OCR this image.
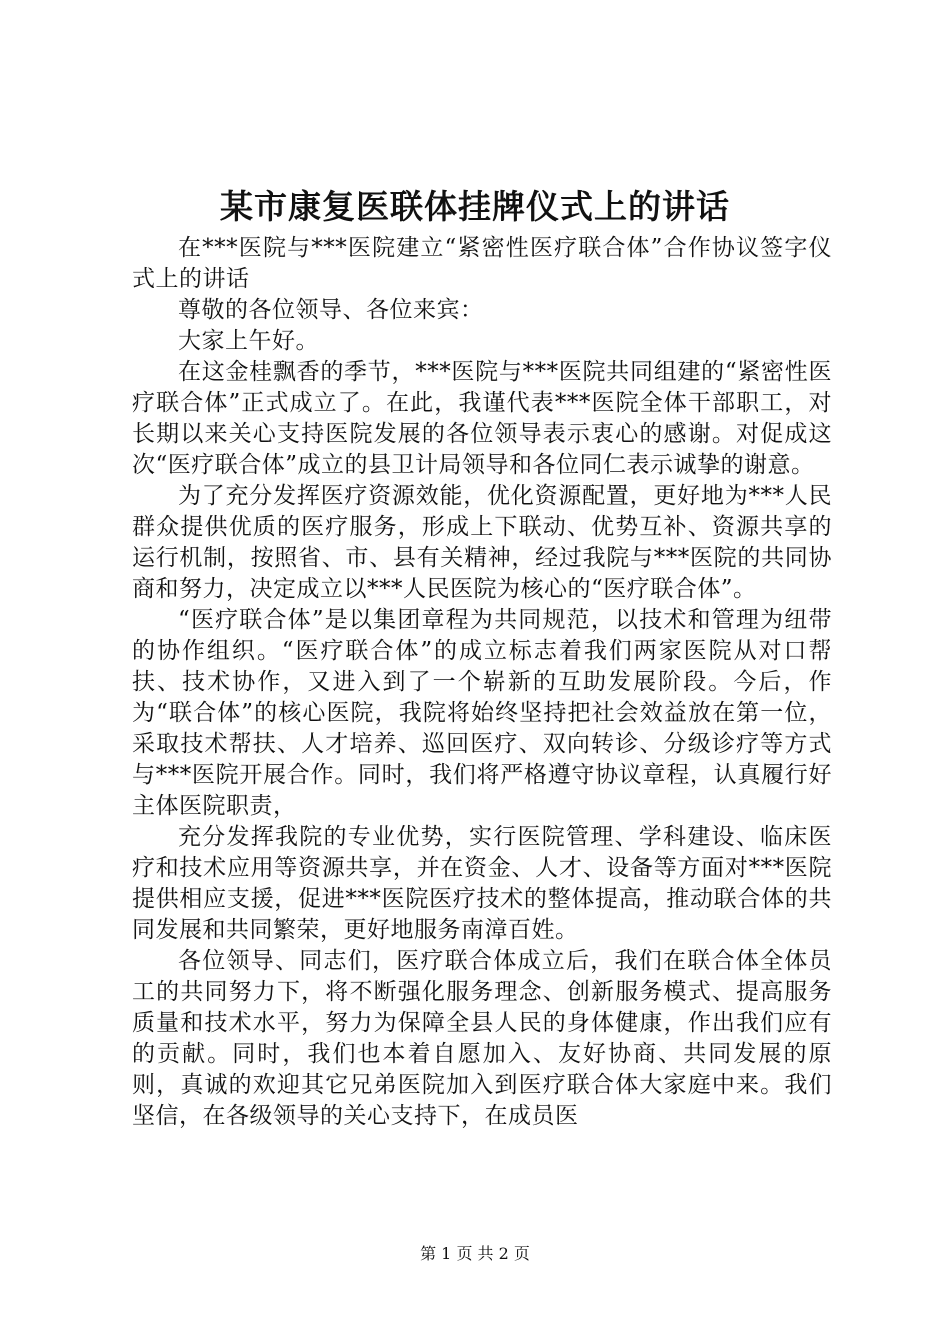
某市康复医联体挂牌仪式上的讲话

在***医院与***医院建立“紧密性医疗联合体”合作协议签字仪式上的讲话

尊敬的各位领导、各位来宾：

大家上午好。

在这金桂飘香的季节，***医院与***医院共同组建的“紧密性医疗联合体”正式成立了。在此，我谨代表***医院全体干部职工，对长期以来关心支持医院发展的各位领导表示衷心的感谢。对促成这次“医疗联合体”成立的县卫计局领导和各位同仁表示诚挚的谢意。

为了充分发挥医疗资源效能，优化资源配置，更好地为***人民群众提供优质的医疗服务，形成上下联动、优势互补、资源共享的运行机制，按照省、市、县有关精神，经过我院与***医院的共同协商和努力，决定成立以***人民医院为核心的“医疗联合体”。

“医疗联合体”是以集团章程为共同规范，以技术和管理为纽带的协作组织。“医疗联合体”的成立标志着我们两家医院从对口帮扶、技术协作，又进入到了一个崭新的互助发展阶段。今后，作为“联合体”的核心医院，我院将始终坚持把社会效益放在第一位，采取技术帮扶、人才培养、巡回医疗、双向转诊、分级诊疗等方式与***医院开展合作。同时，我们将严格遵守协议章程，认真履行好主体医院职责，

充分发挥我院的专业优势，实行医院管理、学科建设、临床医疗和技术应用等资源共享，并在资金、人才、设备等方面对***医院提供相应支援，促进***医院医疗技术的整体提高，推动联合体的共同发展和共同繁荣，更好地服务南漳百姓。

各位领导、同志们，医疗联合体成立后，我们在联合体全体员工的共同努力下，将不断强化服务理念、创新服务模式、提高服务质量和技术水平，努力为保障全县人民的身体健康，作出我们应有的贡献。同时，我们也本着自愿加入、友好协商、共同发展的原则，真诚的欢迎其它兄弟医院加入到医疗联合体大家庭中来。我们坚信，在各级领导的关心支持下，在成员医

第 1 页 共 2 页
